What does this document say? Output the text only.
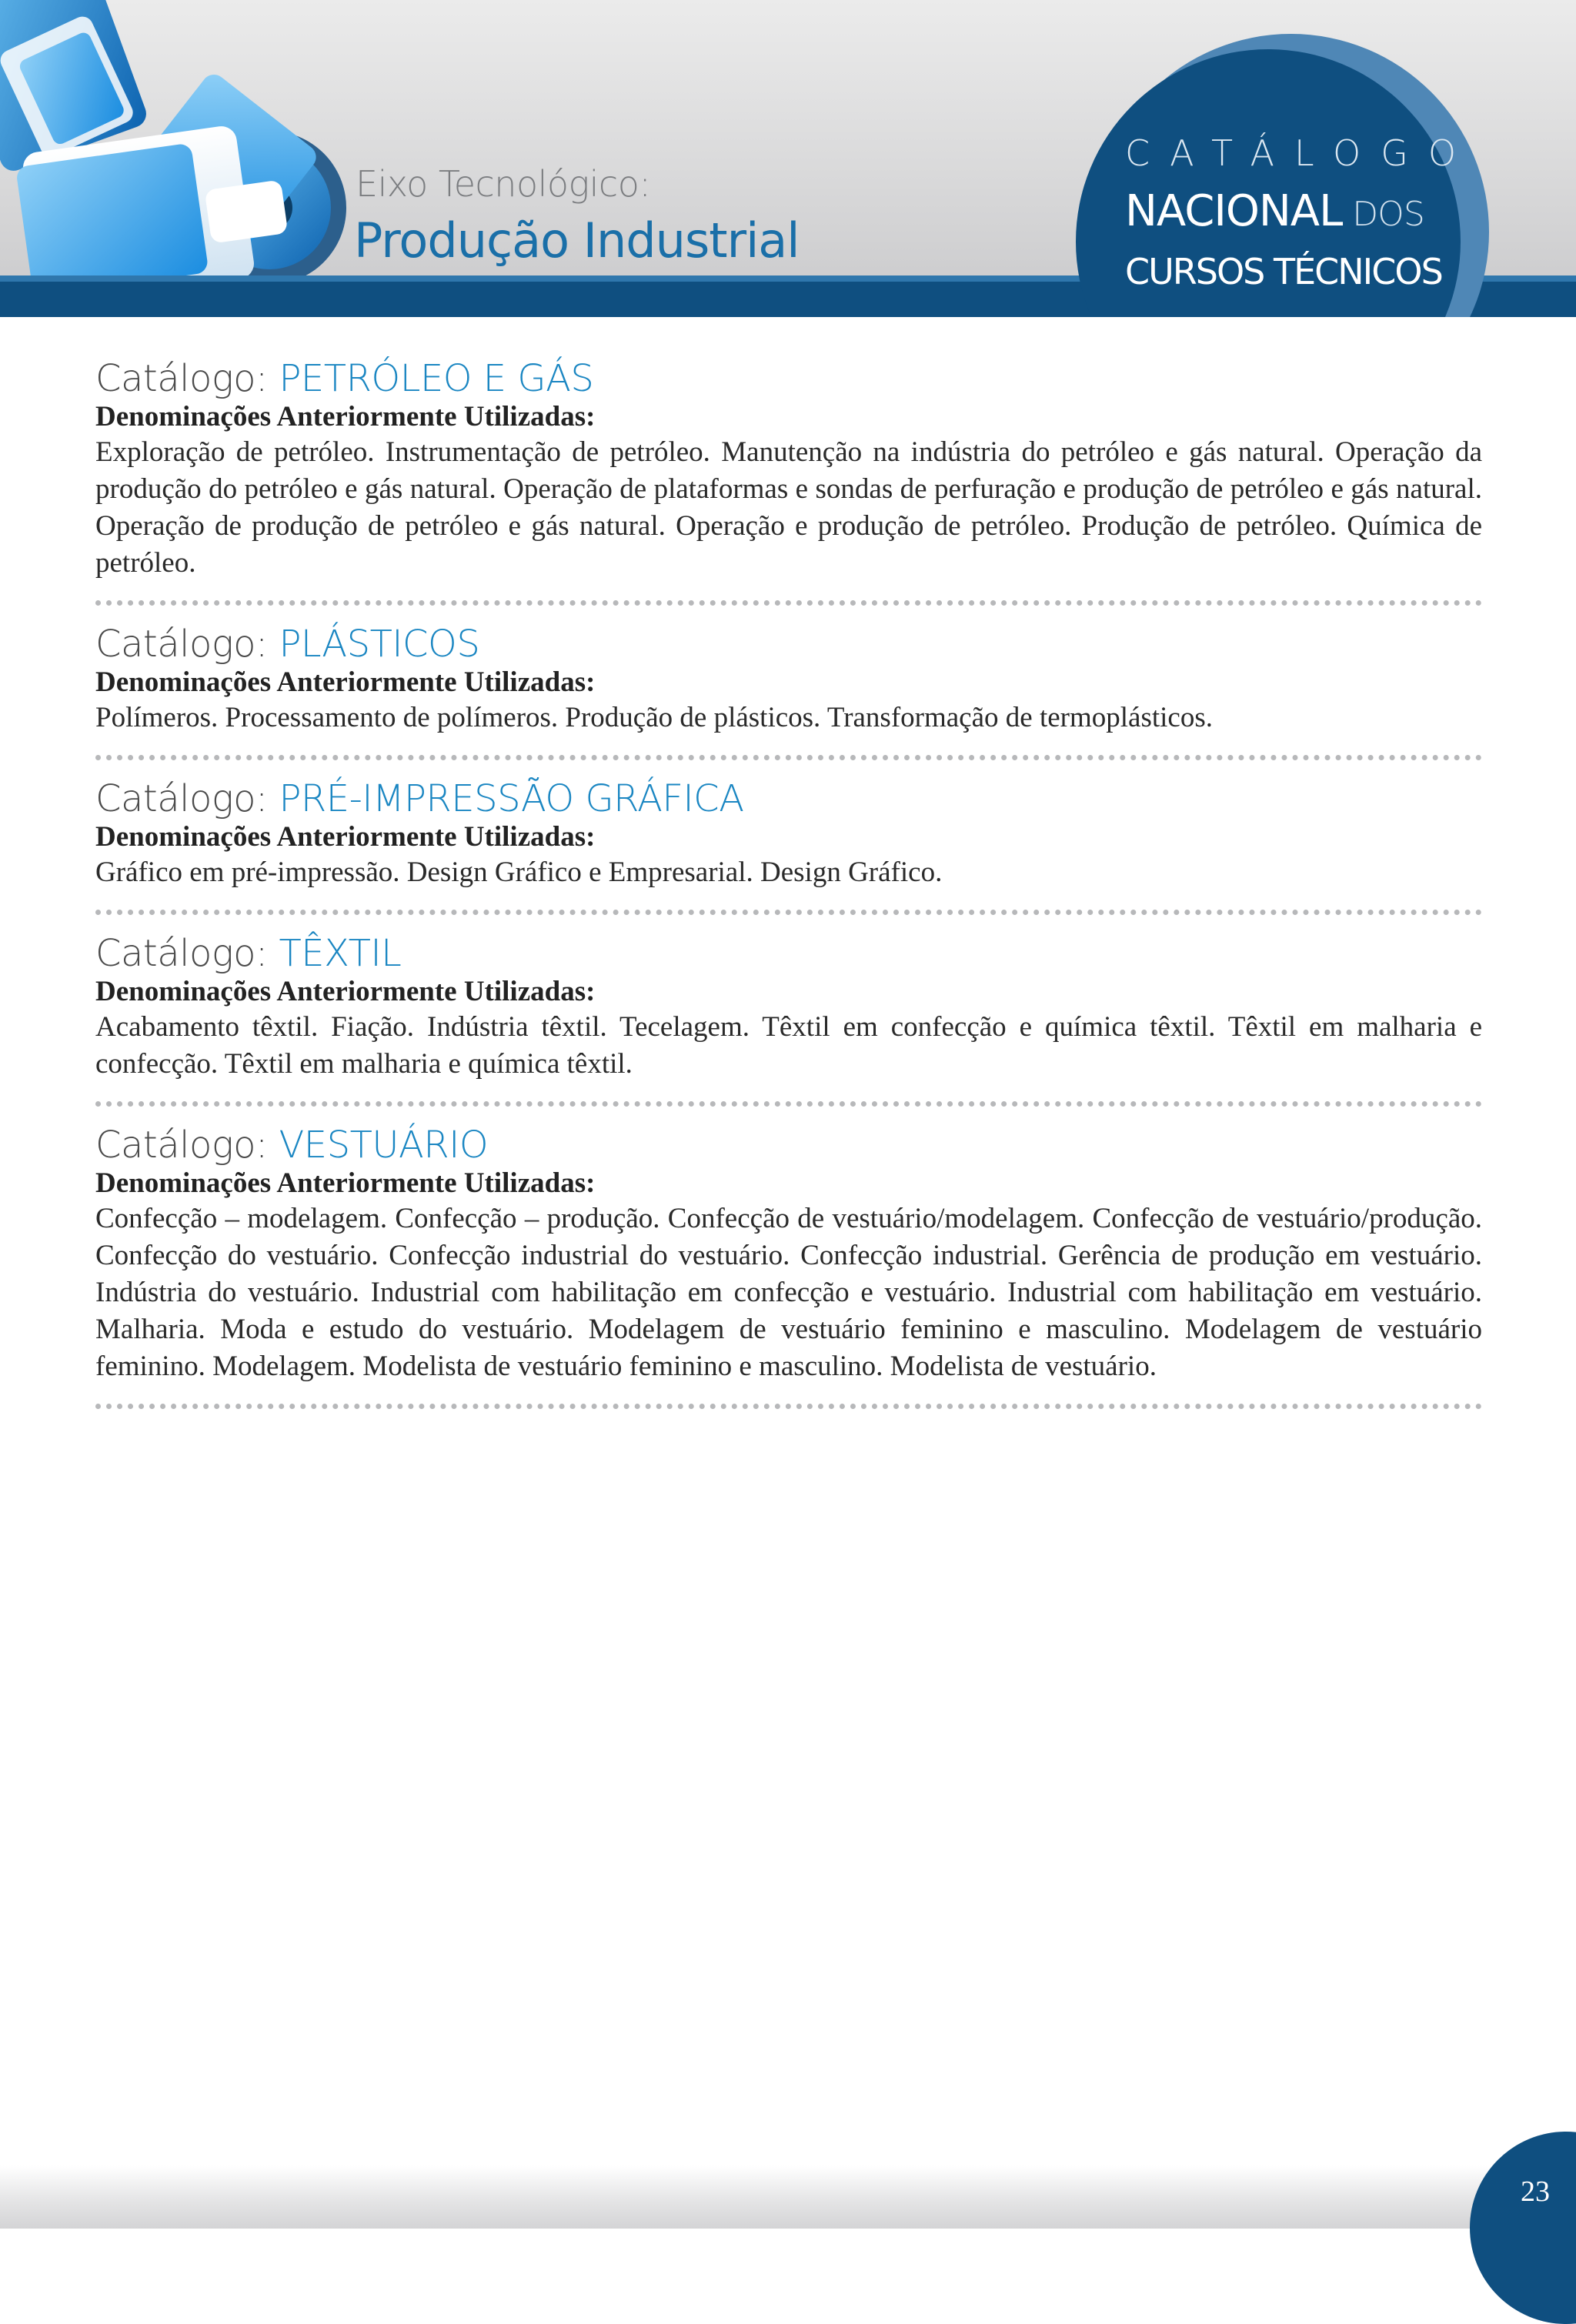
Eixo Tecnológico:
Produção Industrial
CATÁLOGO
NACIONAL DOS
CURSOS TÉCNICOS
Catálogo: PETRÓLEO E GÁS
Denominações Anteriormente Utilizadas:
Exploração de petróleo. Instrumentação de petróleo. Manutenção na indústria do petróleo e gás natural. Operação da produção do petróleo e gás natural. Operação de plataformas e sondas de perfuração e produção de petróleo e gás natural. Operação de produção de petróleo e gás natural. Operação e produção de petróleo. Produção de petróleo. Química de petróleo.
Catálogo: PLÁSTICOS
Denominações Anteriormente Utilizadas:
Polímeros. Processamento de polímeros. Produção de plásticos. Transformação de termoplásticos.
Catálogo: PRÉ-IMPRESSÃO GRÁFICA
Denominações Anteriormente Utilizadas:
Gráfico em pré-impressão. Design Gráfico e Empresarial. Design Gráfico.
Catálogo: TÊXTIL
Denominações Anteriormente Utilizadas:
Acabamento têxtil. Fiação. Indústria têxtil. Tecelagem. Têxtil em confecção e química têxtil. Têxtil em malharia e confecção. Têxtil em malharia e química têxtil.
Catálogo: VESTUÁRIO
Denominações Anteriormente Utilizadas:
Confecção – modelagem. Confecção – produção. Confecção de vestuário/modelagem. Confecção de vestuário/produção. Confecção do vestuário. Confecção industrial do vestuário. Confecção industrial. Gerência de produção em vestuário. Indústria do vestuário. Industrial com habilitação em confecção e vestuário. Industrial com habilitação em vestuário. Malharia. Moda e estudo do vestuário. Modelagem de vestuário feminino e masculino. Modelagem de vestuário feminino. Modelagem. Modelista de vestuário feminino e masculino. Modelista de vestuário.
23
